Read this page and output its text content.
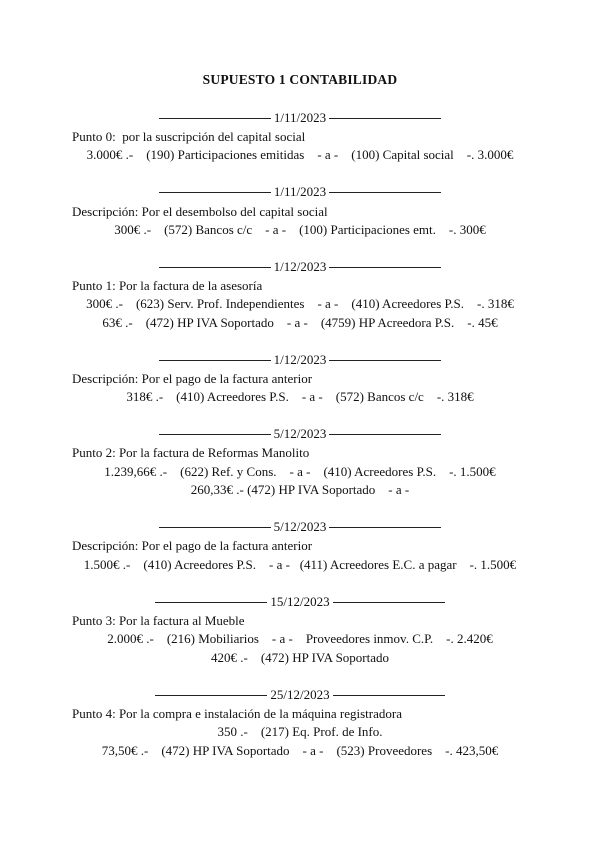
SUPUESTO 1 CONTABILIDAD
1/11/2023
Punto 0:  por la suscripción del capital social
3.000€ .-    (190) Participaciones emitidas    - a -    (100) Capital social    -. 3.000€
1/11/2023
Descripción: Por el desembolso del capital social
300€ .-    (572) Bancos c/c    - a -    (100) Participaciones emt.    -. 300€
1/12/2023
Punto 1: Por la factura de la asesoría
300€ .-    (623) Serv. Prof. Independientes    - a -    (410) Acreedores P.S.    -. 318€
63€ .-    (472) HP IVA Soportado    - a -    (4759) HP Acreedora P.S.    -. 45€
1/12/2023
Descripción: Por el pago de la factura anterior
318€ .-    (410) Acreedores P.S.    - a -    (572) Bancos c/c    -. 318€
5/12/2023
Punto 2: Por la factura de Reformas Manolito
1.239,66€ .-    (622) Ref. y Cons.    - a -    (410) Acreedores P.S.    -. 1.500€
260,33€ .- (472) HP IVA Soportado    - a -
5/12/2023
Descripción: Por el pago de la factura anterior
1.500€ .-    (410) Acreedores P.S.    - a -   (411) Acreedores E.C. a pagar    -. 1.500€
15/12/2023
Punto 3: Por la factura al Mueble
2.000€ .-    (216) Mobiliarios    - a -    Proveedores inmov. C.P.    -. 2.420€
420€ .-    (472) HP IVA Soportado
25/12/2023
Punto 4: Por la compra e instalación de la máquina registradora
350 .-    (217) Eq. Prof. de Info.
73,50€ .-    (472) HP IVA Soportado    - a -    (523) Proveedores    -. 423,50€
